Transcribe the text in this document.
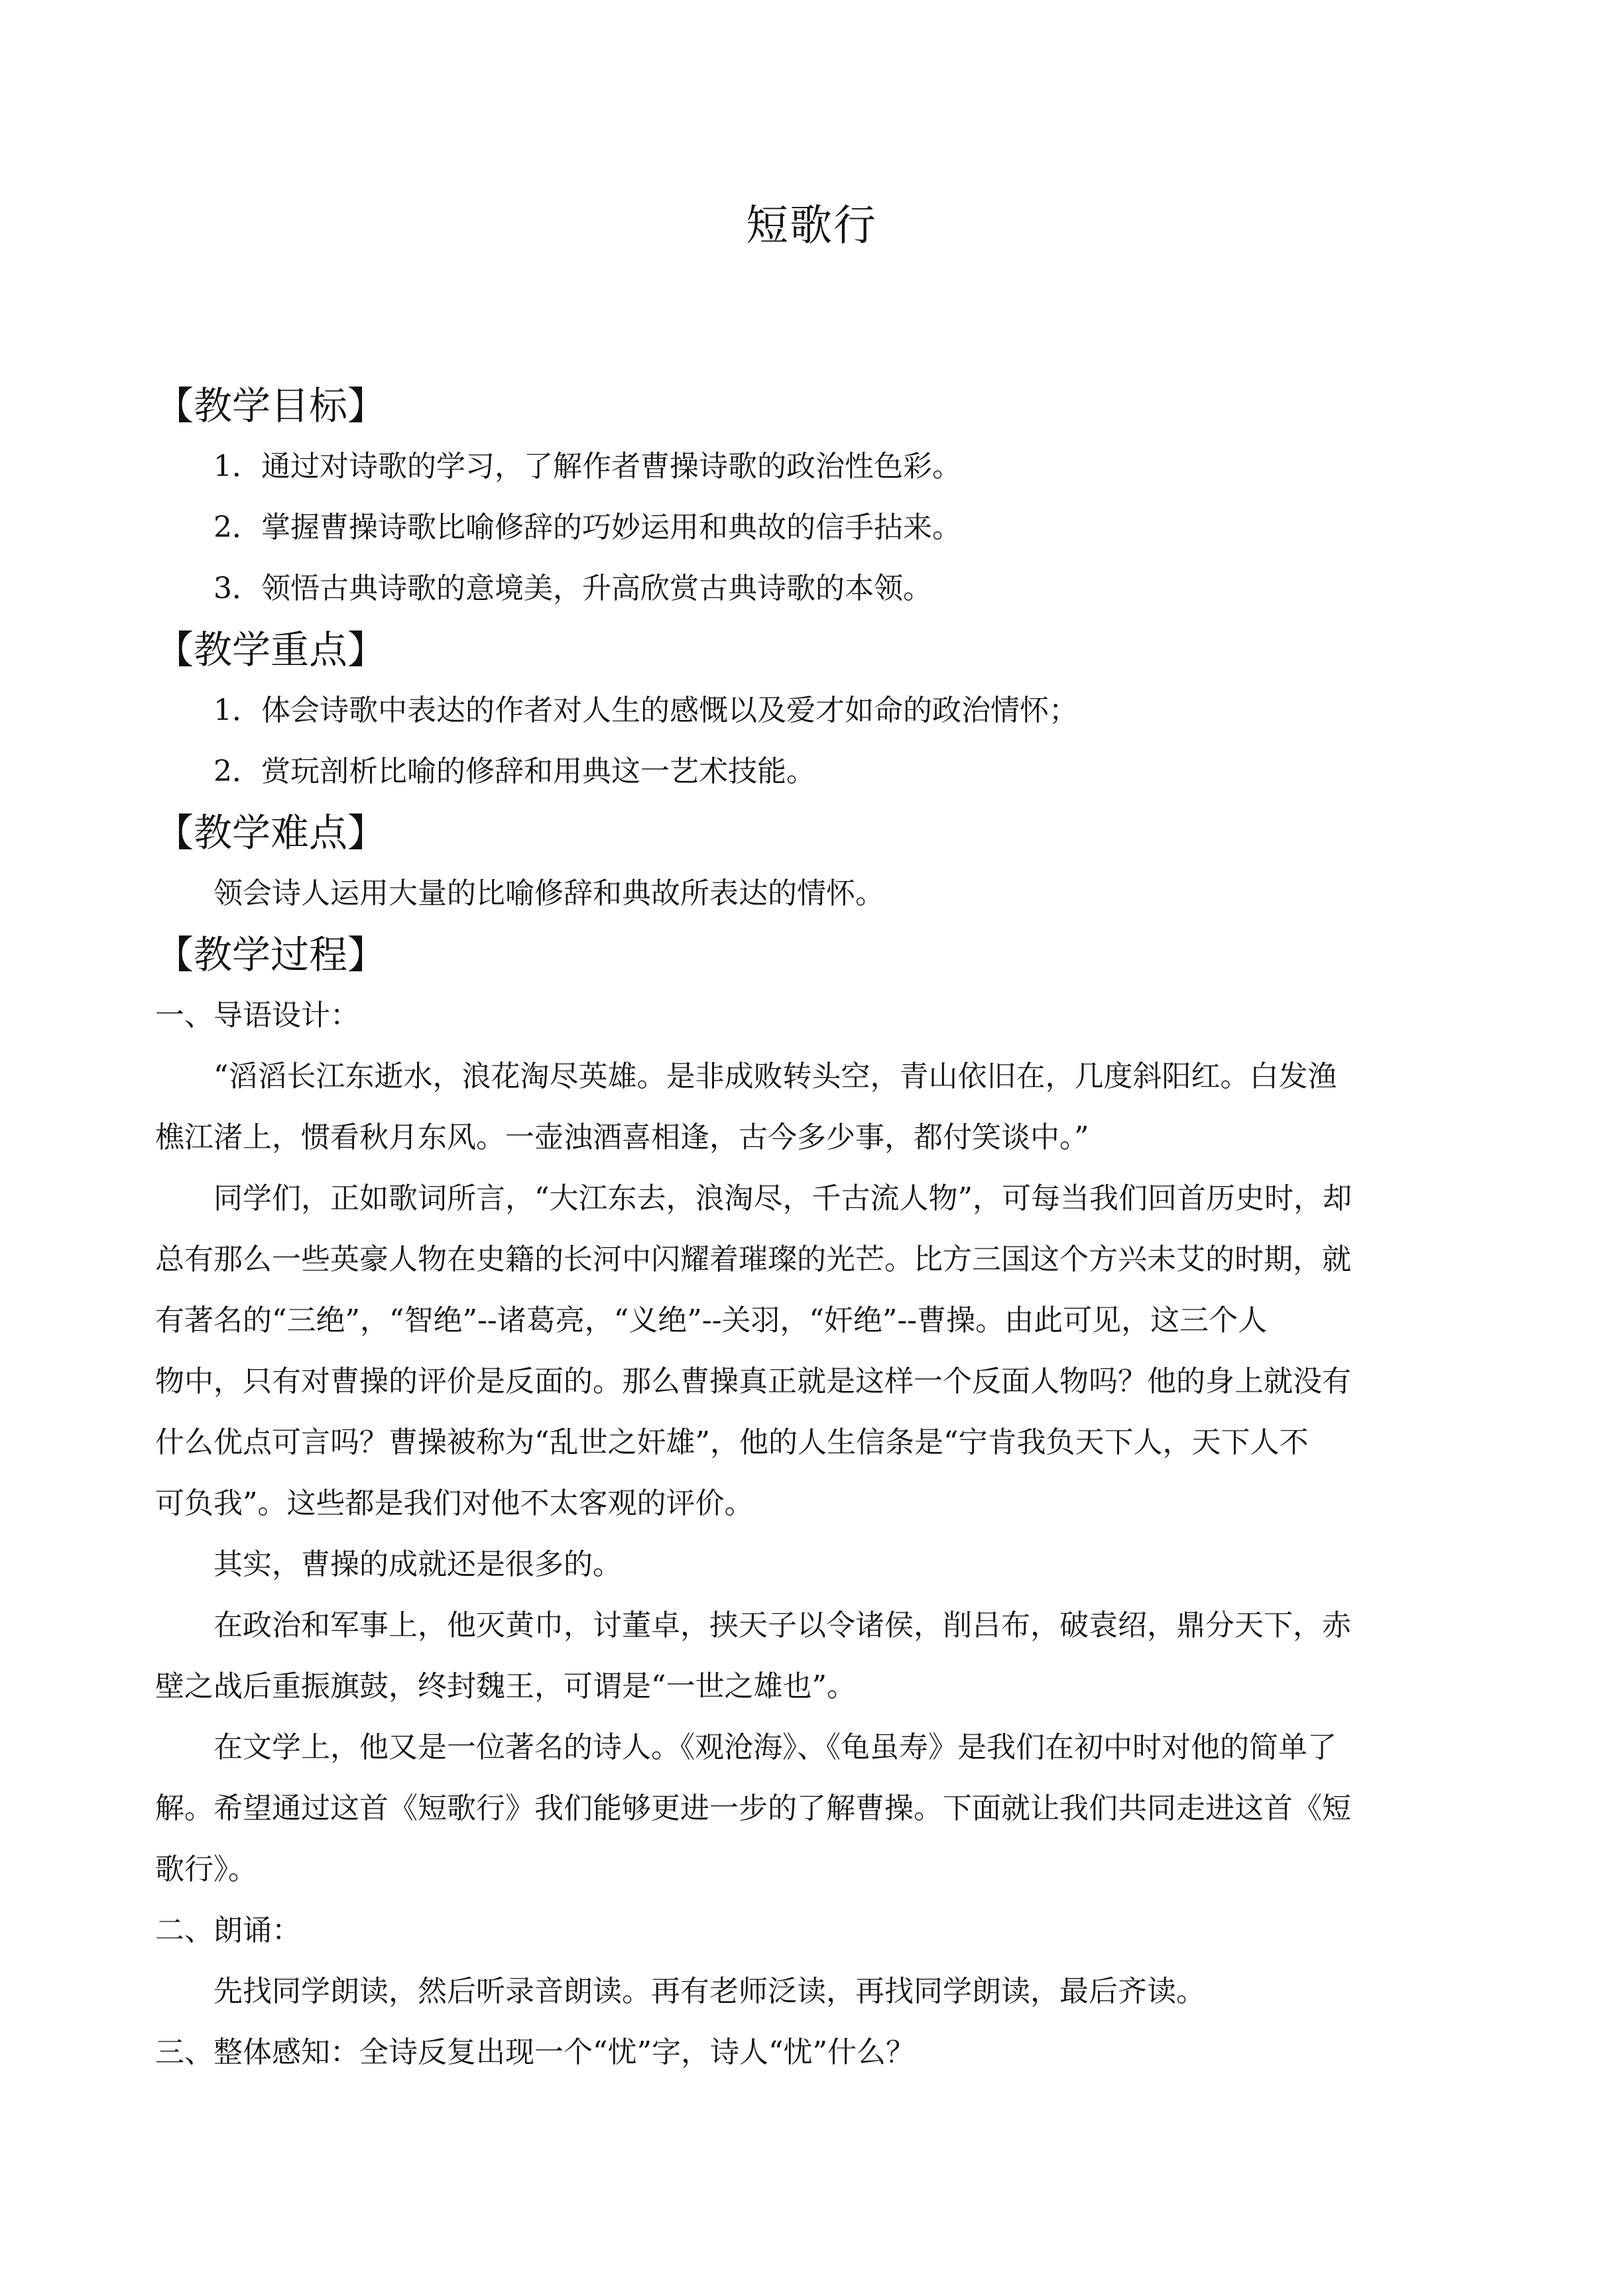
短歌行
【教学目标】
1．通过对诗歌的学习，了解作者曹操诗歌的政治性色彩。
2．掌握曹操诗歌比喻修辞的巧妙运用和典故的信手拈来。
3．领悟古典诗歌的意境美，升高欣赏古典诗歌的本领。
【教学重点】
1．体会诗歌中表达的作者对人生的感慨以及爱才如命的政治情怀；
2．赏玩剖析比喻的修辞和用典这一艺术技能。
【教学难点】
领会诗人运用大量的比喻修辞和典故所表达的情怀。
【教学过程】
一、导语设计：
“滔滔长江东逝水，浪花淘尽英雄。是非成败转头空，青山依旧在，几度斜阳红。白发渔
樵江渚上，惯看秋月东风。一壶浊酒喜相逢，古今多少事，都付笑谈中。”
同学们，正如歌词所言，“大江东去，浪淘尽，千古流人物”，可每当我们回首历史时，却
总有那么一些英豪人物在史籍的长河中闪耀着璀璨的光芒。比方三国这个方兴未艾的时期，就
有著名的“三绝”，“智绝”--诸葛亮，“义绝”--关羽，“奸绝”--曹操。由此可见，这三个人
物中，只有对曹操的评价是反面的。那么曹操真正就是这样一个反面人物吗？他的身上就没有
什么优点可言吗？曹操被称为“乱世之奸雄”，他的人生信条是“宁肯我负天下人，天下人不
可负我”。这些都是我们对他不太客观的评价。
其实，曹操的成就还是很多的。
在政治和军事上，他灭黄巾，讨董卓，挟天子以令诸侯，削吕布，破袁绍，鼎分天下，赤
壁之战后重振旗鼓，终封魏王，可谓是“一世之雄也”。
在文学上，他又是一位著名的诗人。《观沧海》、《龟虽寿》是我们在初中时对他的简单了
解。希望通过这首《短歌行》我们能够更进一步的了解曹操。下面就让我们共同走进这首《短
歌行》。
二、朗诵：
先找同学朗读，然后听录音朗读。再有老师泛读，再找同学朗读，最后齐读。
三、整体感知：全诗反复出现一个“忧”字，诗人“忧”什么？
